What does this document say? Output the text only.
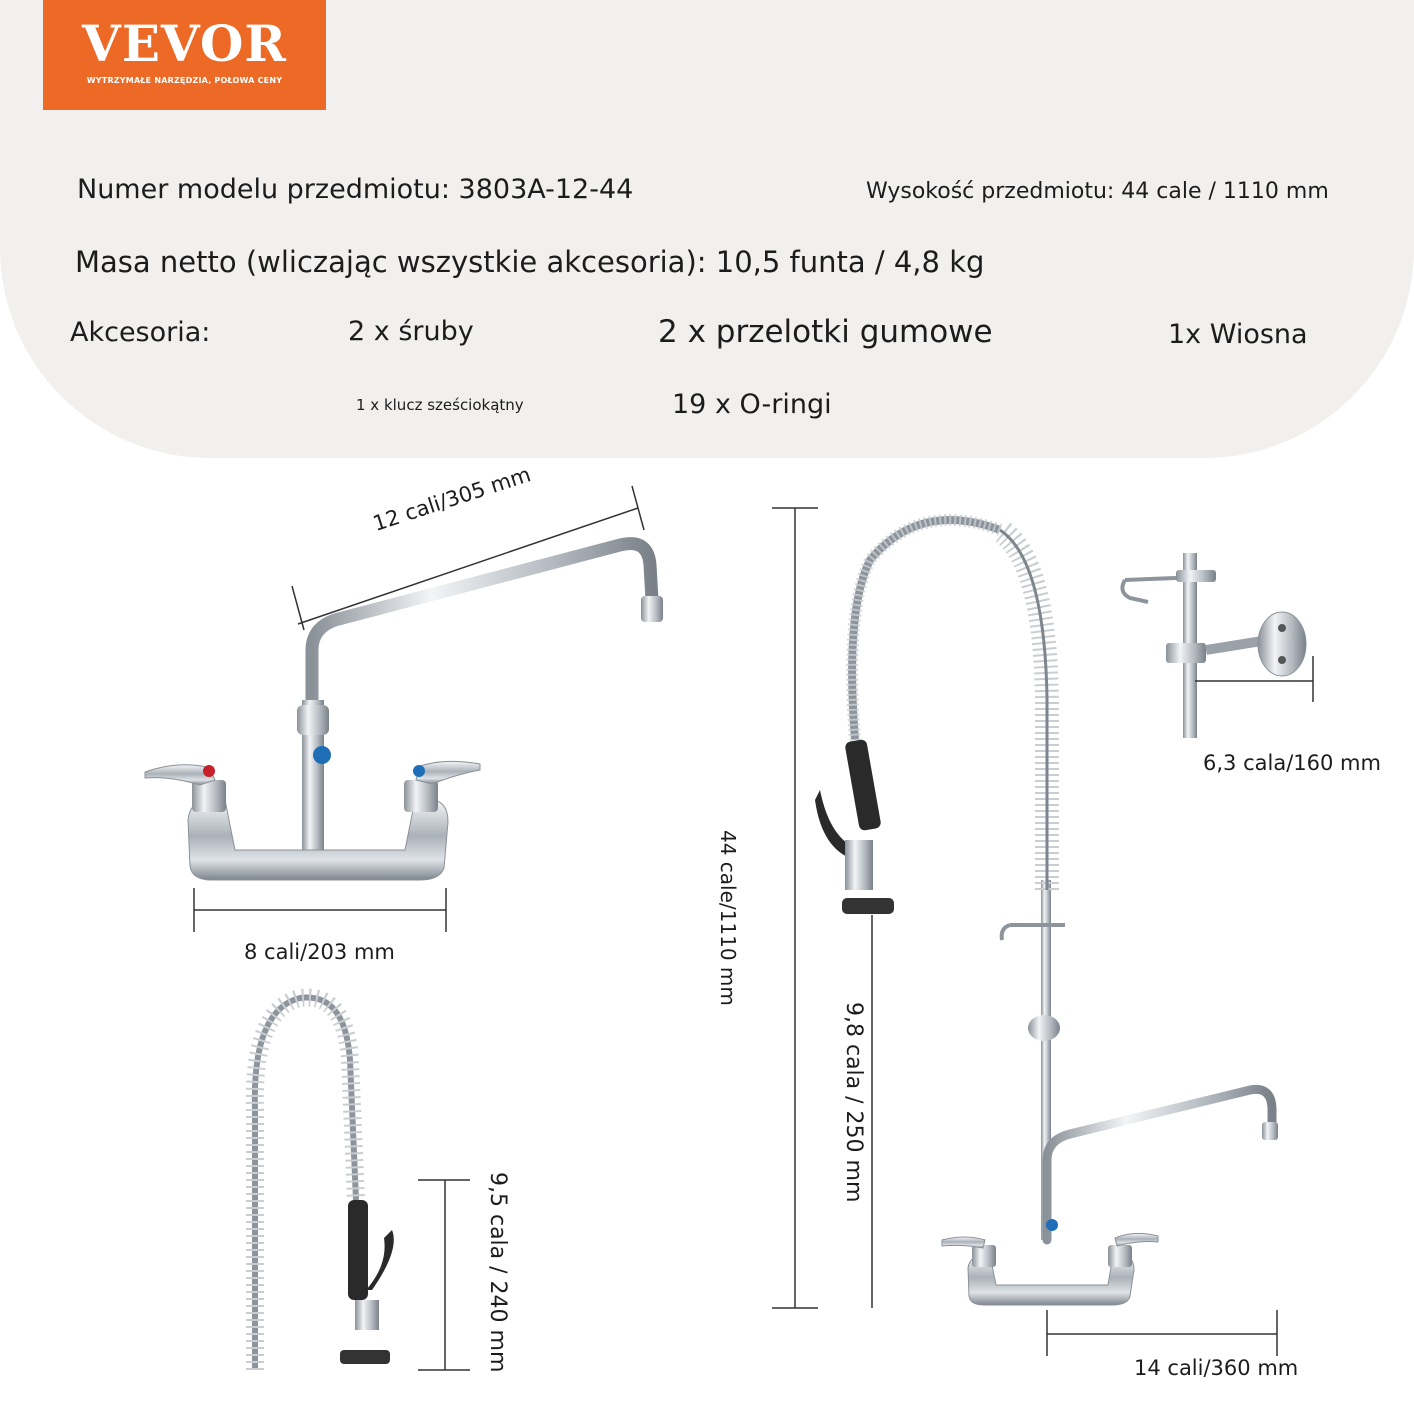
VEVOR
WYTRZYMAŁE NARZĘDZIA, POŁOWA CENY
Numer modelu przedmiotu: 3803A-12-44	Wysokość przedmiotu: 44 cale / 1110 mm
Masa netto (wliczając wszystkie akcesoria): 10,5 funta / 4,8 kg
Akcesoria:	2 x śruby	2 x przelotki gumowe	1x Wiosna
1 x klucz sześciokątny	19 x O-ringi
12 cali/305 mm
8 cali/203 mm
6,3 cala/160 mm
44 cale/1110 mm
9,8 cala / 250 mm
9,5 cala / 240 mm	14 cali/360 mm
